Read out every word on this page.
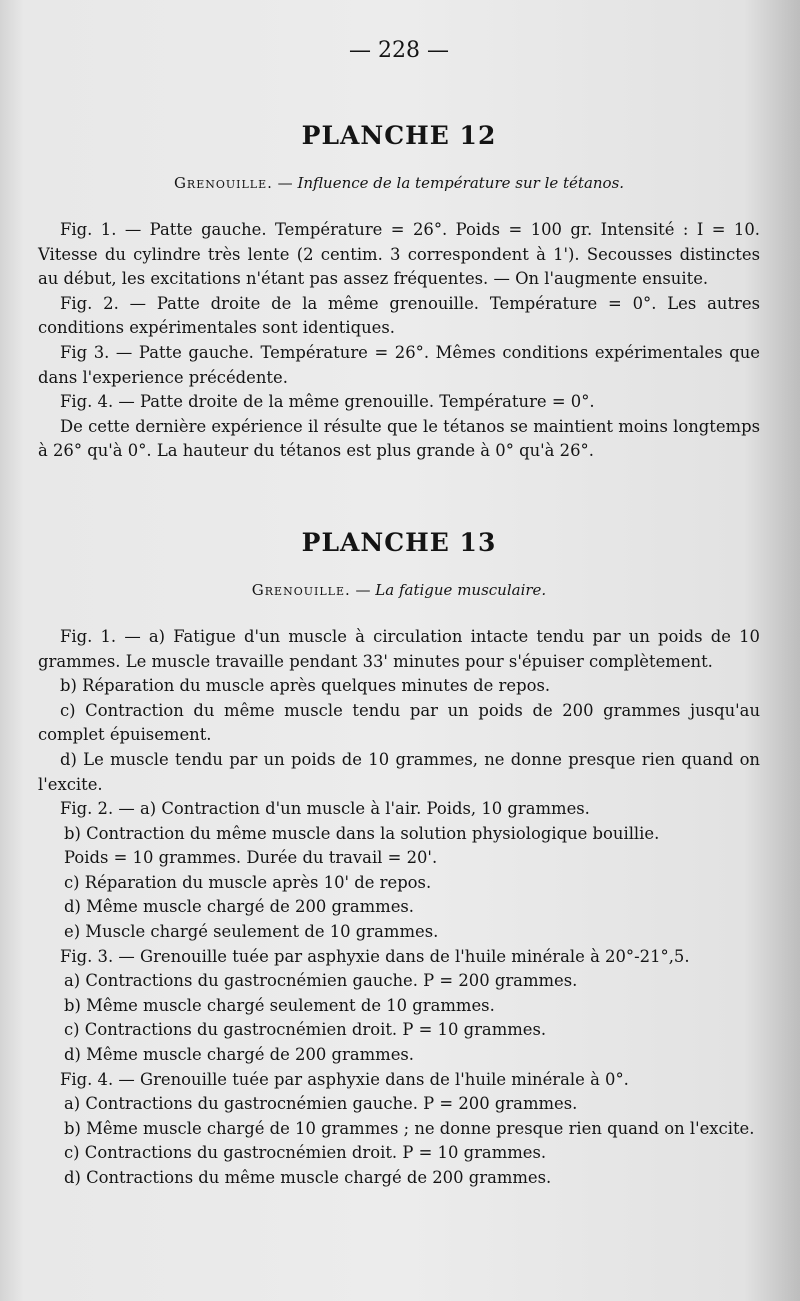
— 228 —
PLANCHE 12
Grenouille. — Influence de la température sur le tétanos.

Fig. 1. — Patte gauche. Température = 26°. Poids = 100 gr. Intensité : I = 10. Vitesse du cylindre très lente (2 centim. 3 correspondent à 1'). Secousses distinctes au début, les excitations n'étant pas assez fréquentes. — On l'augmente ensuite.

Fig. 2. — Patte droite de la même grenouille. Température = 0°. Les autres conditions expérimentales sont identiques.

Fig 3. — Patte gauche. Température = 26°. Mêmes conditions expérimentales que dans l'experience précédente.

Fig. 4. — Patte droite de la même grenouille. Température = 0°.

De cette dernière expérience il résulte que le tétanos se maintient moins longtemps à 26° qu'à 0°. La hauteur du tétanos est plus grande à 0° qu'à 26°.

PLANCHE 13
Grenouille. — La fatigue musculaire.

Fig. 1. — a) Fatigue d'un muscle à circulation intacte tendu par un poids de 10 grammes. Le muscle travaille pendant 33' minutes pour s'épuiser complètement.

b) Réparation du muscle après quelques minutes de repos.

c) Contraction du même muscle tendu par un poids de 200 grammes jusqu'au complet épuisement.

d) Le muscle tendu par un poids de 10 grammes, ne donne presque rien quand on l'excite.

Fig. 2. — a) Contraction d'un muscle à l'air. Poids, 10 grammes.

b) Contraction du même muscle dans la solution physiologique bouillie.

Poids = 10 grammes. Durée du travail = 20'.

c) Réparation du muscle après 10' de repos.

d) Même muscle chargé de 200 grammes.

e) Muscle chargé seulement de 10 grammes.

Fig. 3. — Grenouille tuée par asphyxie dans de l'huile minérale à 20°-21°,5.

a) Contractions du gastrocnémien gauche. P = 200 grammes.

b) Même muscle chargé seulement de 10 grammes.

c) Contractions du gastrocnémien droit. P = 10 grammes.

d) Même muscle chargé de 200 grammes.

Fig. 4. — Grenouille tuée par asphyxie dans de l'huile minérale à 0°.

a) Contractions du gastrocnémien gauche. P = 200 grammes.

b) Même muscle chargé de 10 grammes ; ne donne presque rien quand on l'excite.

c) Contractions du gastrocnémien droit. P = 10 grammes.

d) Contractions du même muscle chargé de 200 grammes.
